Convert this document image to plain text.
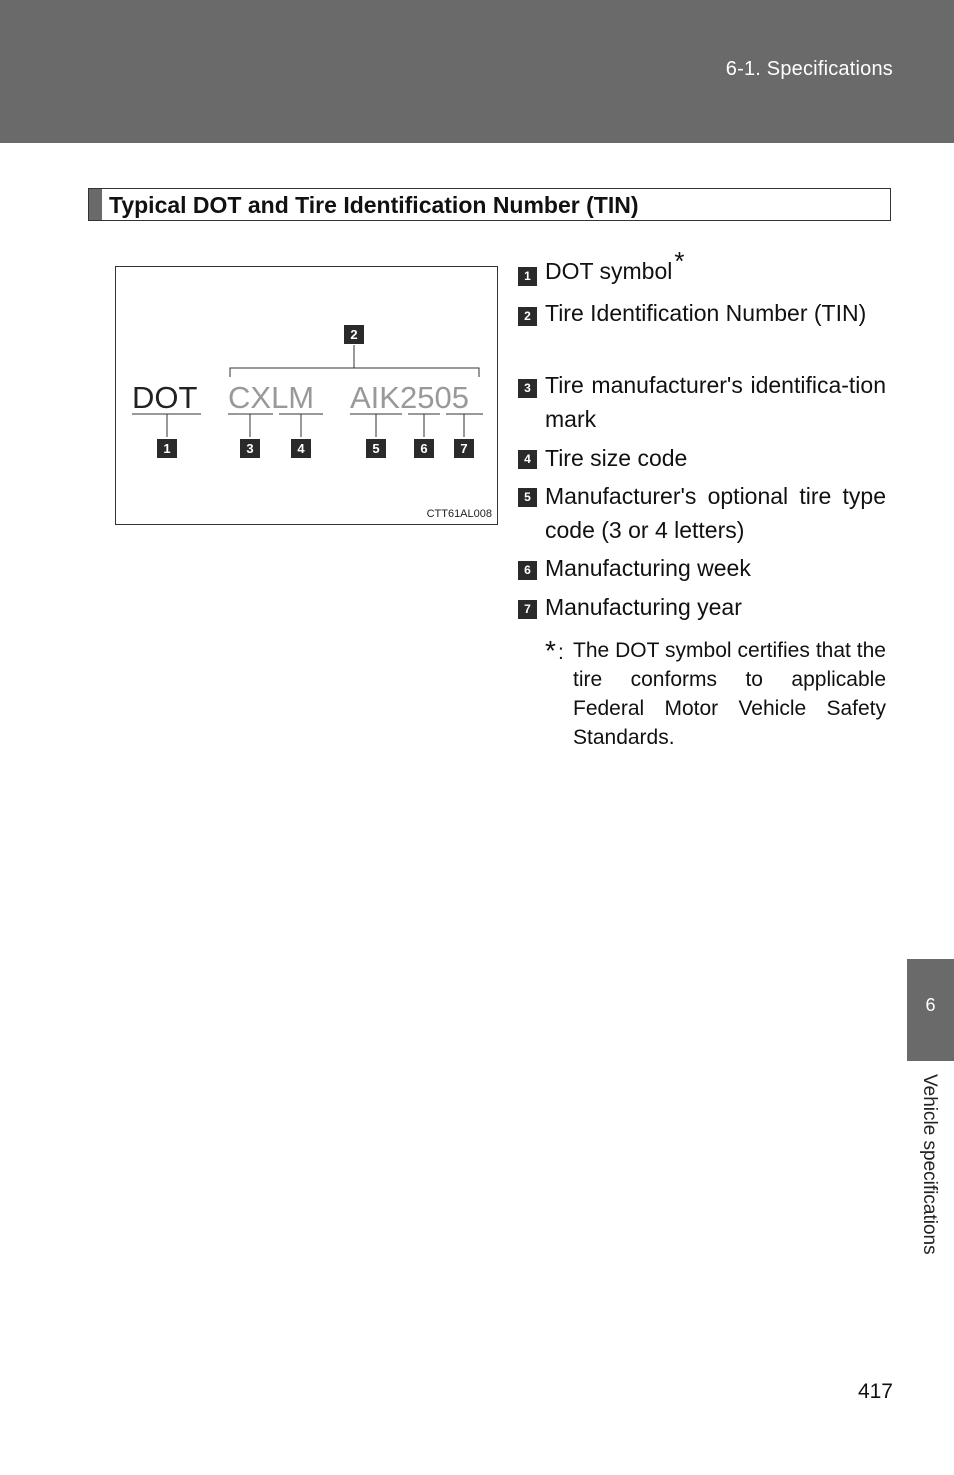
6-1. Specifications
Typical DOT and Tire Identification Number (TIN)
DOT CXLM AIK2505
1
2
3	4	5	6	7
CTT61AL008
1 DOT symbol*
2 Tire Identification Number (TIN)
3 Tire manufacturer's identifica-tion mark
4 Tire size code
5 Manufacturer's optional tire type code (3 or 4 letters)
6 Manufacturing week
7 Manufacturing year
* : The DOT symbol certifies that the tire conforms to applicable Federal Motor Vehicle Safety Standards.
6
Vehicle specifications
417
